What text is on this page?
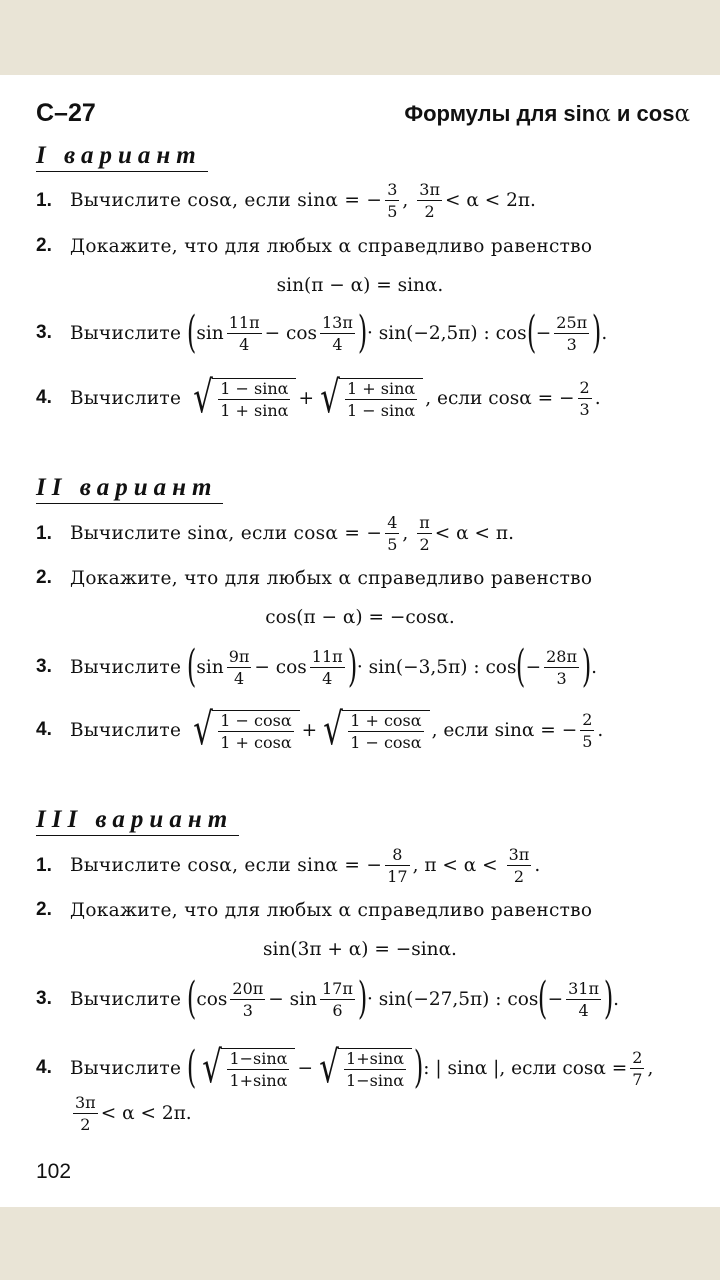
С–27	Формулы для sinα и cosα
I вариант
1. Вычислите cosα, если sinα = − $\frac{3}{5}$ , $\frac{3\pi}{2} < \alpha < 2\pi$.
2. Докажите, что для любых α справедливо равенство
sin(π − α) = sinα.
3. Вычислите ( $\sin \frac{11\pi}{4} - \cos \frac{13\pi}{4}$ ) · sin(−2,5π) : cos ( − $\frac{25\pi}{3}$ ) .
4. Вычислите √ $\frac{1 - \sin\alpha}{1 + \sin\alpha}$ + √ $\frac{1 + \sin\alpha}{1 - \sin\alpha}$ , если cosα = − $\frac{2}{3}$ .
II вариант
1. Вычислите sinα, если cosα = − $\frac{4}{5}$ , $\frac{\pi}{2} < \alpha < \pi$.
2. Докажите, что для любых α справедливо равенство
cos(π − α) = −cosα.
3. Вычислите ( $\sin \frac{9\pi}{4} - \cos \frac{11\pi}{4}$ ) · sin(−3,5π) : cos ( − $\frac{28\pi}{3}$ ) .
4. Вычислите √ $\frac{1 - \cos\alpha}{1 + \cos\alpha}$ + √ $\frac{1 + \cos\alpha}{1 - \cos\alpha}$ , если sinα = − $\frac{2}{5}$ .
III вариант
1. Вычислите cosα, если sinα = − $\frac{8}{17}$ , $\pi < \alpha < \frac{3\pi}{2}$ .
2. Докажите, что для любых α справедливо равенство
sin(3π + α) = −sinα.
3. Вычислите ( $\cos \frac{20\pi}{3} - \sin \frac{17\pi}{6}$ ) · sin(−27,5π) : cos ( − $\frac{31\pi}{4}$ ) .
4. Вычислите ( √ $\frac{1-\sin\alpha}{1+\sin\alpha}$ − √ $\frac{1+\sin\alpha}{1-\sin\alpha}$ ) : | sinα |, если $\cos\alpha = \frac{2}{7}$ ,
$\frac{3\pi}{2} < \alpha < 2\pi$.
102
